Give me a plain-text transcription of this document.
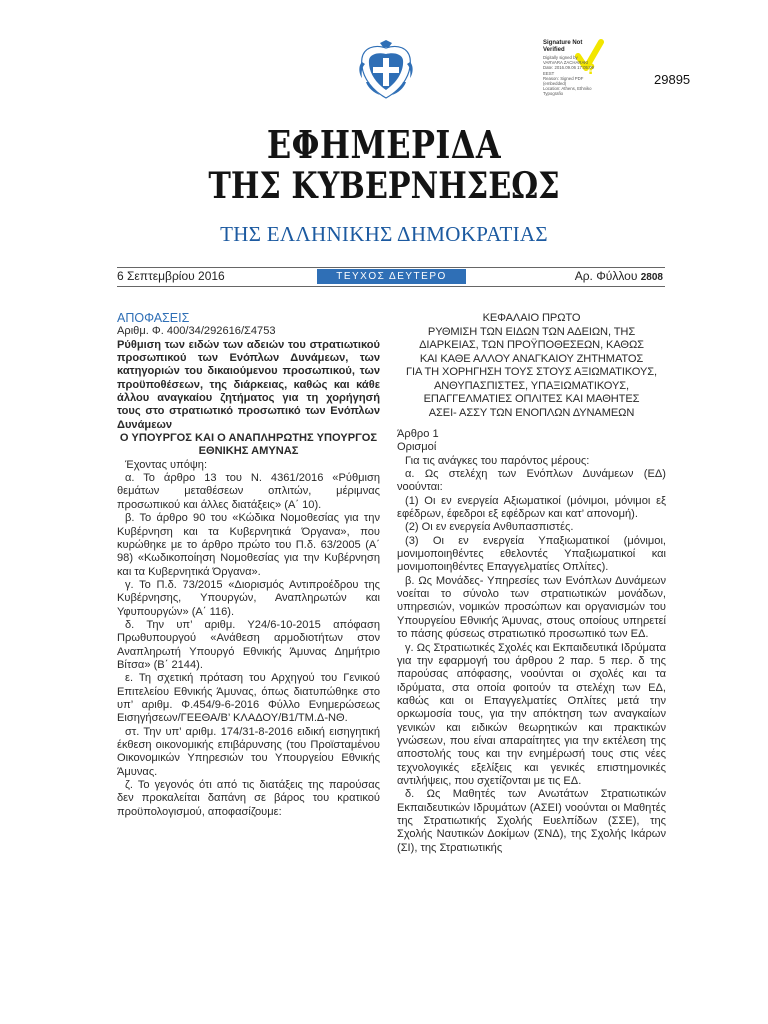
?
Signature Not Verified
Digitally signed by
VARVARA ZACHARAKI
Date: 2016.09.06 17:05:09
EEST
Reason: Signed PDF
(embedded)
Location: Athens, Ethniko
Typografio
29895
ΕΦΗΜΕΡΙΔΑ
ΤΗΣ ΚΥΒΕΡΝΗΣΕΩΣ
ΤΗΣ ΕΛΛΗΝΙΚΗΣ ΔΗΜΟΚΡΑΤΙΑΣ
6 Σεπτεμβρίου 2016	ΤΕΥΧΟΣ ΔΕΥΤΕΡΟ	Αρ. Φύλλου 2808

ΑΠΟΦΑΣΕΙΣ

Αριθμ. Φ. 400/34/292616/Σ4753

Ρύθμιση των ειδών των αδειών του στρατιωτικού προσωπικού των Ενόπλων Δυνάμεων, των κατηγοριών του δικαιούμενου προσωπικού, των προϋποθέσεων, της διάρκειας, καθώς και κάθε άλλου αναγκαίου ζητήματος για τη χορήγησή τους στο στρατιωτικό προσωπικό των Ενόπλων Δυνάμεων

Ο ΥΠΟΥΡΓΟΣ ΚΑΙ Ο ΑΝΑΠΛΗΡΩΤΗΣ ΥΠΟΥΡΓΟΣ ΕΘΝΙΚΗΣ ΑΜΥΝΑΣ

Έχοντας υπόψη:

α. Το άρθρο 13 του Ν. 4361/2016 «Ρύθμιση θεμάτων μεταθέσεων οπλιτών, μέριμνας προσωπικού και άλλες διατάξεις» (Α΄ 10).

β. Το άρθρο 90 του «Κώδικα Νομοθεσίας για την Κυβέρνηση και τα Κυβερνητικά Όργανα», που κυρώθηκε με το άρθρο πρώτο του Π.δ. 63/2005 (Α΄ 98) «Κωδικοποίηση Νομοθεσίας για την Κυβέρνηση και τα Κυβερνητικά Όργανα».

γ. Το Π.δ. 73/2015 «Διορισμός Αντιπροέδρου της Κυβέρνησης, Υπουργών, Αναπληρωτών και Υφυπουργών» (Α΄ 116).

δ. Την υπ’ αριθμ. Υ24/6-10-2015 απόφαση Πρωθυπουργού «Ανάθεση αρμοδιοτήτων στον Αναπληρωτή Υπουργό Εθνικής Άμυνας Δημήτριο Βίτσα» (Β΄ 2144).

ε. Τη σχετική πρόταση του Αρχηγού του Γενικού Επιτελείου Εθνικής Άμυνας, όπως διατυπώθηκε στο υπ’ αριθμ. Φ.454/9-6-2016 Φύλλο Ενημερώσεως Εισηγήσεων/ΓΕΕΘΑ/Β’ ΚΛΑΔΟΥ/Β1/ΤΜ.Δ-ΝΘ.

στ. Την υπ’ αριθμ. 174/31-8-2016 ειδική εισηγητική έκθεση οικονομικής επιβάρυνσης (του Προϊσταμένου Οικονομικών Υπηρεσιών του Υπουργείου Εθνικής Άμυνας.

ζ. Το γεγονός ότι από τις διατάξεις της παρούσας δεν προκαλείται δαπάνη σε βάρος του κρατικού προϋπολογισμού, αποφασίζουμε:

ΚΕΦΑΛΑΙΟ ΠΡΩΤΟ
ΡΥΘΜΙΣΗ ΤΩΝ ΕΙΔΩΝ ΤΩΝ ΑΔΕΙΩΝ, ΤΗΣ
ΔΙΑΡΚΕΙΑΣ, ΤΩΝ ΠΡΟΫΠΟΘΕΣΕΩΝ, ΚΑΘΩΣ
ΚΑΙ ΚΑΘΕ ΑΛΛΟΥ ΑΝΑΓΚΑΙΟΥ ΖΗΤΗΜΑΤΟΣ
ΓΙΑ ΤΗ ΧΟΡΗΓΗΣΗ ΤΟΥΣ ΣΤΟΥΣ ΑΞΙΩΜΑΤΙΚΟΥΣ,
ΑΝΘΥΠΑΣΠΙΣΤΕΣ, ΥΠΑΞΙΩΜΑΤΙΚΟΥΣ,
ΕΠΑΓΓΕΛΜΑΤΙΕΣ ΟΠΛΙΤΕΣ ΚΑΙ ΜΑΘΗΤΕΣ
ΑΣΕΙ- ΑΣΣΥ ΤΩΝ ΕΝΟΠΛΩΝ ΔΥΝΑΜΕΩΝ

Άρθρο 1

Ορισμοί

Για τις ανάγκες του παρόντος μέρους:

α. Ως στελέχη των Ενόπλων Δυνάμεων (ΕΔ) νοούνται:

(1) Οι εν ενεργεία Αξιωματικοί (μόνιμοι, μόνιμοι εξ εφέδρων, έφεδροι εξ εφέδρων και κατ’ απονομή).

(2) Οι εν ενεργεία Ανθυπασπιστές.

(3) Οι εν ενεργεία Υπαξιωματικοί (μόνιμοι, μονιμοποιηθέντες εθελοντές Υπαξιωματικοί και μονιμοποιηθέντες Επαγγελματίες Οπλίτες).

β. Ως Μονάδες- Υπηρεσίες των Ενόπλων Δυνάμεων νοείται το σύνολο των στρατιωτικών μονάδων, υπηρεσιών, νομικών προσώπων και οργανισμών του Υπουργείου Εθνικής Άμυνας, στους οποίους υπηρετεί το πάσης φύσεως στρατιωτικό προσωπικό των ΕΔ.

γ. Ως Στρατιωτικές Σχολές και Εκπαιδευτικά Ιδρύματα για την εφαρμογή του άρθρου 2 παρ. 5 περ. δ της παρούσας απόφασης, νοούνται οι σχολές και τα ιδρύματα, στα οποία φοιτούν τα στελέχη των ΕΔ, καθώς και οι Επαγγελματίες Οπλίτες μετά την ορκωμοσία τους, για την απόκτηση των αναγκαίων γενικών και ειδικών θεωρητικών και πρακτικών γνώσεων, που είναι απαραίτητες για την εκτέλεση της αποστολής τους και την ενημέρωσή τους στις νέες τεχνολογικές εξελίξεις και γενικές επιστημονικές αντιλήψεις, που σχετίζονται με τις ΕΔ.

δ. Ως Μαθητές των Ανωτάτων Στρατιωτικών Εκπαιδευτικών Ιδρυμάτων (ΑΣΕΙ) νοούνται οι Μαθητές της Στρατιωτικής Σχολής Ευελπίδων (ΣΣΕ), της Σχολής Ναυτικών Δοκίμων (ΣΝΔ), της Σχολής Ικάρων (ΣΙ), της Στρατιωτικής
